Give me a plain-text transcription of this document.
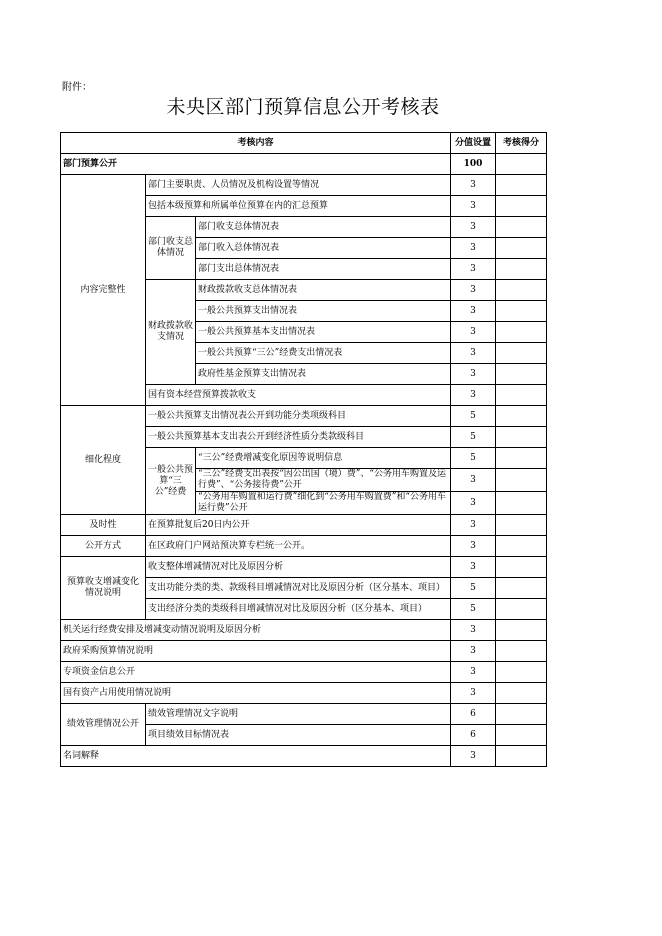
附件：
未央区部门预算信息公开考核表
考核内容			分值设置	考核得分
部门预算公开			100	
内容完整性	部门主要职责、人员情况及机构设置等情况		3	
	包括本级预算和所属单位预算在内的汇总预算		3	
	部门收支总体情况	部门收支总体情况表	3	
		部门收入总体情况表	3	
		部门支出总体情况表	3	
	财政拨款收支情况	财政拨款收支总体情况表	3	
		一般公共预算支出情况表	3	
		一般公共预算基本支出情况表	3	
		一般公共预算“三公”经费支出情况表	3	
		政府性基金预算支出情况表	3	
	国有资本经营预算拨款收支		3	
细化程度	一般公共预算支出情况表公开到功能分类项级科目		5	
	一般公共预算基本支出表公开到经济性质分类款级科目		5	
	一般公共预算“三公”经费	“三公”经费增减变化原因等说明信息	5	
		“三公”经费支出表按“因公出国（境）费”、“公务用车购置及运行费”、“公务接待费”公开	3	
		“公务用车购置和运行费”细化到“公务用车购置费”和“公务用车运行费”公开	3	
及时性	在预算批复后20日内公开		3	
公开方式	在区政府门户网站预决算专栏统一公开。		3	
预算收支增减变化情况说明	收支整体增减情况对比及原因分析		3	
	支出功能分类的类、款级科目增减情况对比及原因分析（区分基本、项目）		5	
	支出经济分类的类级科目增减情况对比及原因分析（区分基本、项目）		5	
机关运行经费安排及增减变动情况说明及原因分析			3	
政府采购预算情况说明			3	
专项资金信息公开			3	
国有资产占用使用情况说明			3	
绩效管理情况公开	绩效管理情况文字说明		6	
	项目绩效目标情况表		6	
名词解释			3	
